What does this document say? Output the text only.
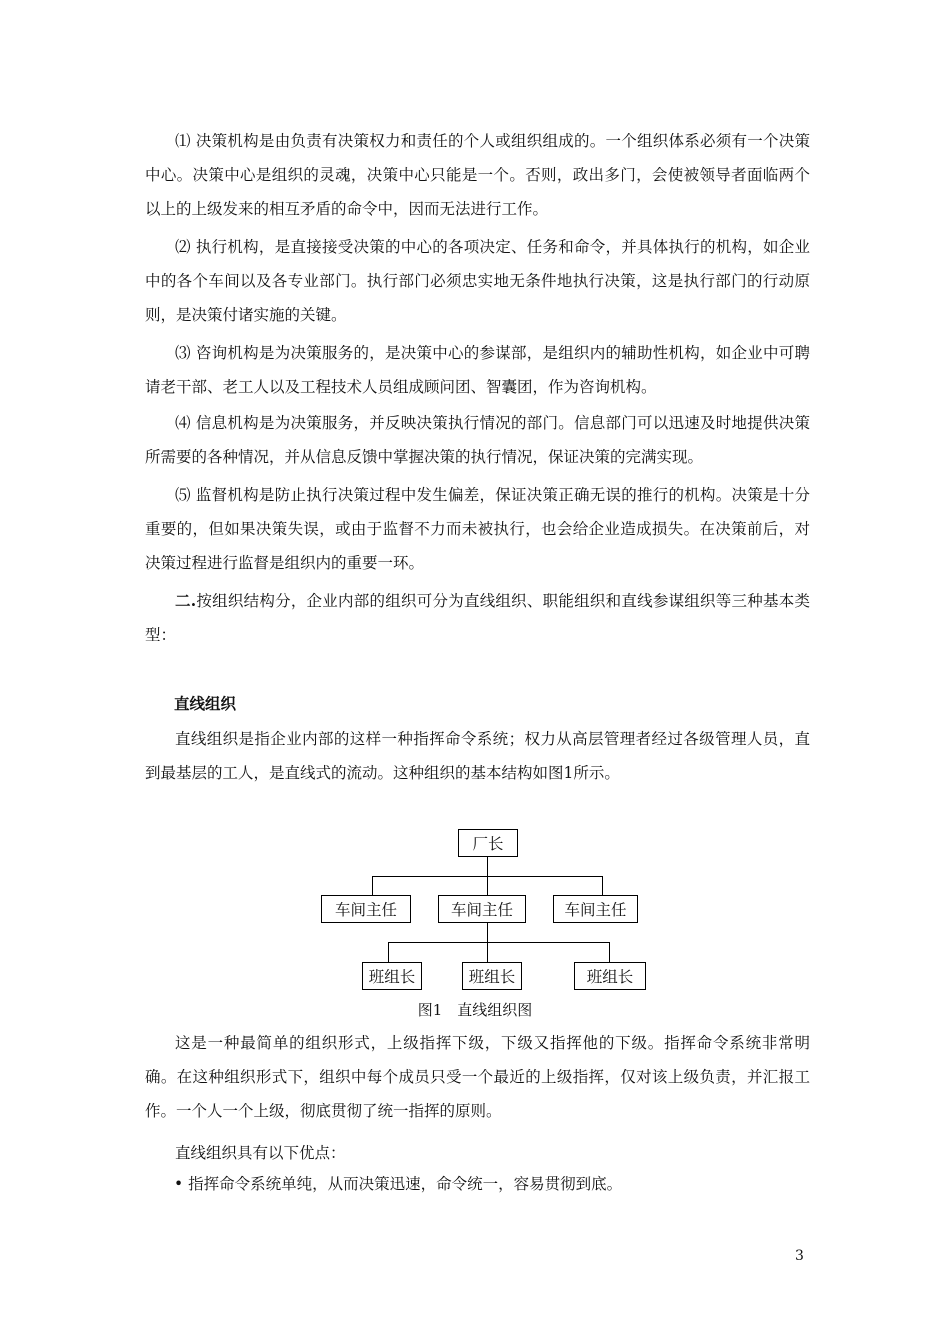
⑴ 决策机构是由负责有决策权力和责任的个人或组织组成的。一个组织体系必须有一个决策中心。决策中心是组织的灵魂，决策中心只能是一个。否则，政出多门，会使被领导者面临两个以上的上级发来的相互矛盾的命令中，因而无法进行工作。

⑵ 执行机构，是直接接受决策的中心的各项决定、任务和命令，并具体执行的机构，如企业中的各个车间以及各专业部门。执行部门必须忠实地无条件地执行决策，这是执行部门的行动原则，是决策付诸实施的关键。

⑶ 咨询机构是为决策服务的，是决策中心的参谋部，是组织内的辅助性机构，如企业中可聘请老干部、老工人以及工程技术人员组成顾问团、智囊团，作为咨询机构。

⑷ 信息机构是为决策服务，并反映决策执行情况的部门。信息部门可以迅速及时地提供决策所需要的各种情况，并从信息反馈中掌握决策的执行情况，保证决策的完满实现。

⑸ 监督机构是防止执行决策过程中发生偏差，保证决策正确无误的推行的机构。决策是十分重要的，但如果决策失误，或由于监督不力而未被执行，也会给企业造成损失。在决策前后，对决策过程进行监督是组织内的重要一环。

二.按组织结构分，企业内部的组织可分为直线组织、职能组织和直线参谋组织等三种基本类型：

直线组织

直线组织是指企业内部的这样一种指挥命令系统；权力从高层管理者经过各级管理人员，直到最基层的工人，是直线式的流动。这种组织的基本结构如图1所示。

厂长
车间主任	车间主任	车间主任
班组长	班组长	班组长
图1　直线组织图

这是一种最简单的组织形式，上级指挥下级，下级又指挥他的下级。指挥命令系统非常明确。在这种组织形式下，组织中每个成员只受一个最近的上级指挥，仅对该上级负责，并汇报工作。一个人一个上级，彻底贯彻了统一指挥的原则。

直线组织具有以下优点：

• 指挥命令系统单纯，从而决策迅速，命令统一，容易贯彻到底。

3
